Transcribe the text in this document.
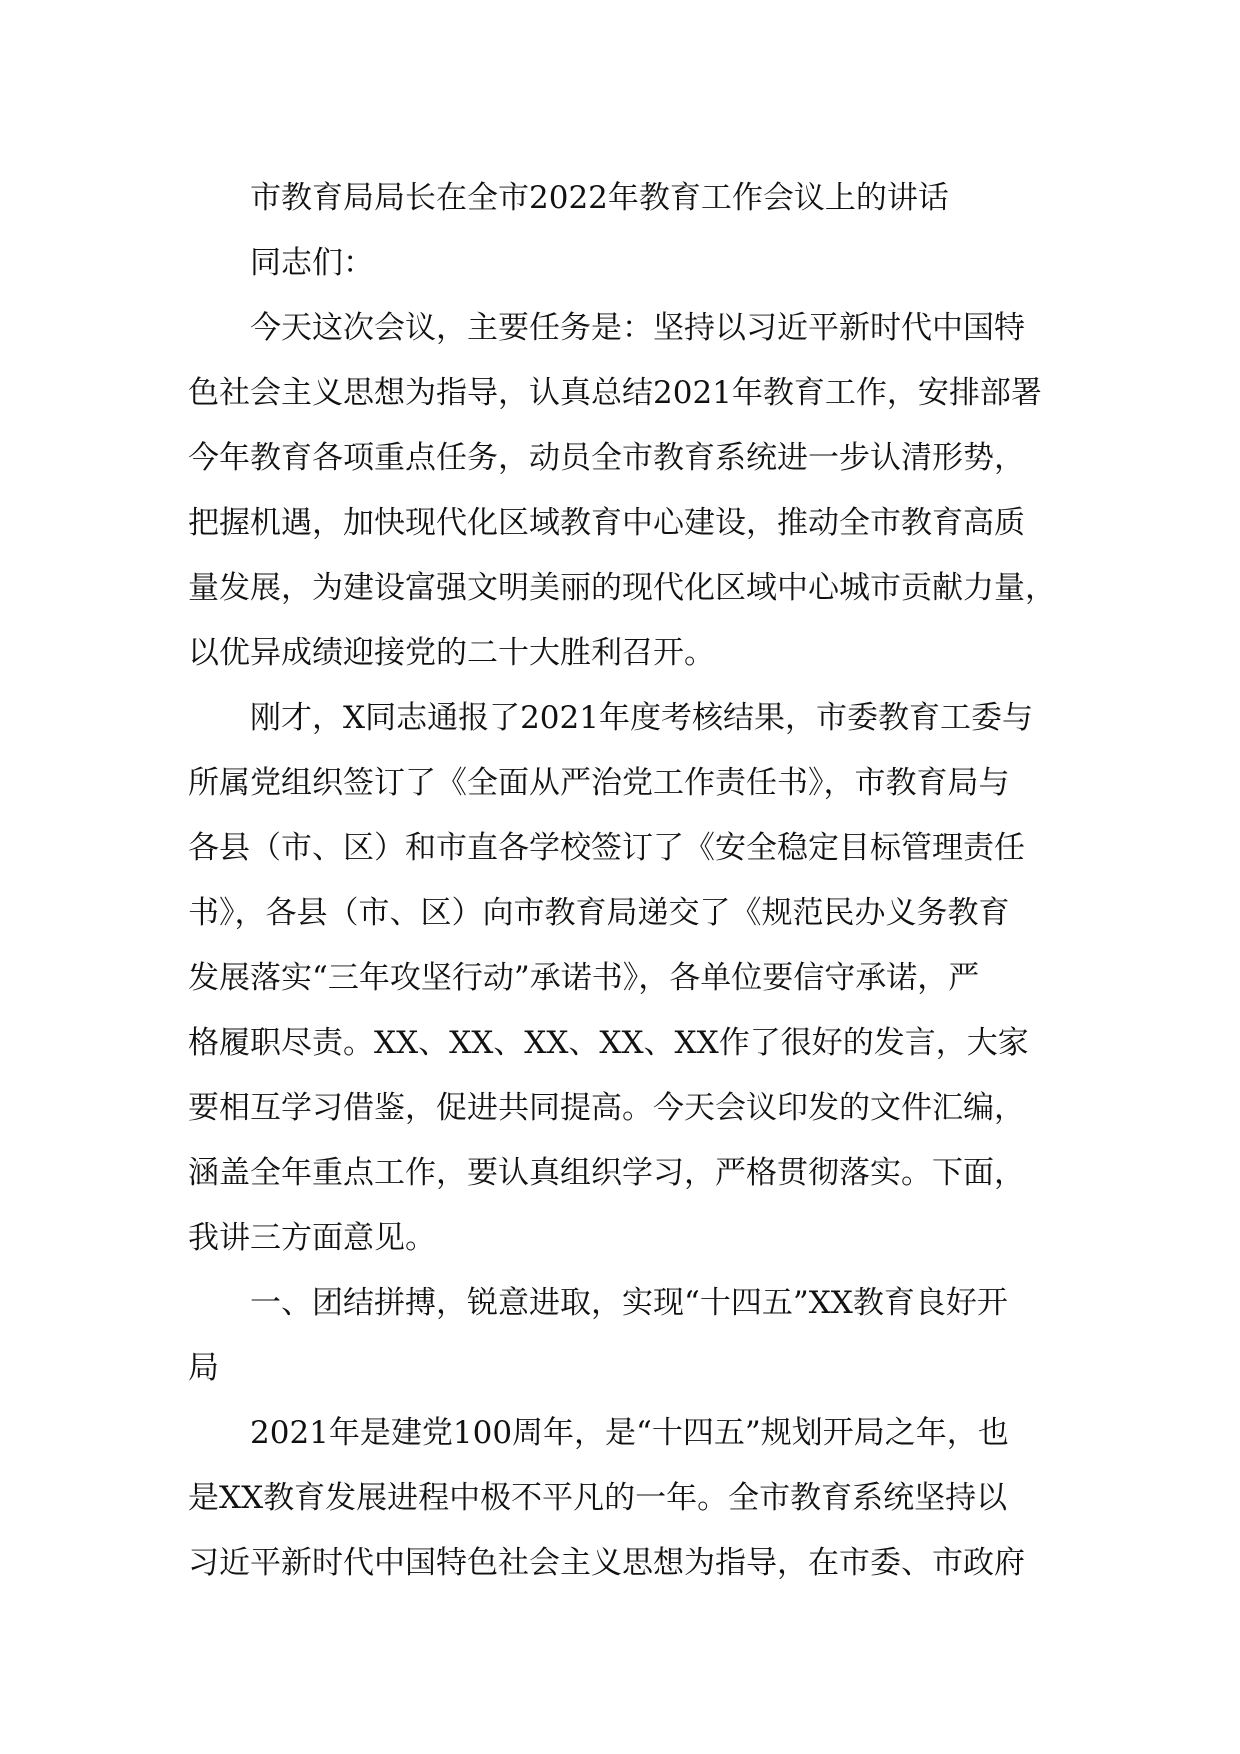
市教育局局长在全市2022年教育工作会议上的讲话
同志们：
今天这次会议，主要任务是：坚持以习近平新时代中国特
色社会主义思想为指导，认真总结2021年教育工作，安排部署
今年教育各项重点任务，动员全市教育系统进一步认清形势，
把握机遇，加快现代化区域教育中心建设，推动全市教育高质
量发展，为建设富强文明美丽的现代化区域中心城市贡献力量，
以优异成绩迎接党的二十大胜利召开。
刚才，X同志通报了2021年度考核结果，市委教育工委与
所属党组织签订了《全面从严治党工作责任书》，市教育局与
各县（市、区）和市直各学校签订了《安全稳定目标管理责任
书》，各县（市、区）向市教育局递交了《规范民办义务教育
发展落实“三年攻坚行动”承诺书》，各单位要信守承诺，严
格履职尽责。XX、XX、XX、XX、XX作了很好的发言，大家
要相互学习借鉴，促进共同提高。今天会议印发的文件汇编，
涵盖全年重点工作，要认真组织学习，严格贯彻落实。下面，
我讲三方面意见。
一、团结拼搏，锐意进取，实现“十四五”XX教育良好开
局
2021年是建党100周年，是“十四五”规划开局之年，也
是XX教育发展进程中极不平凡的一年。全市教育系统坚持以
习近平新时代中国特色社会主义思想为指导，在市委、市政府
